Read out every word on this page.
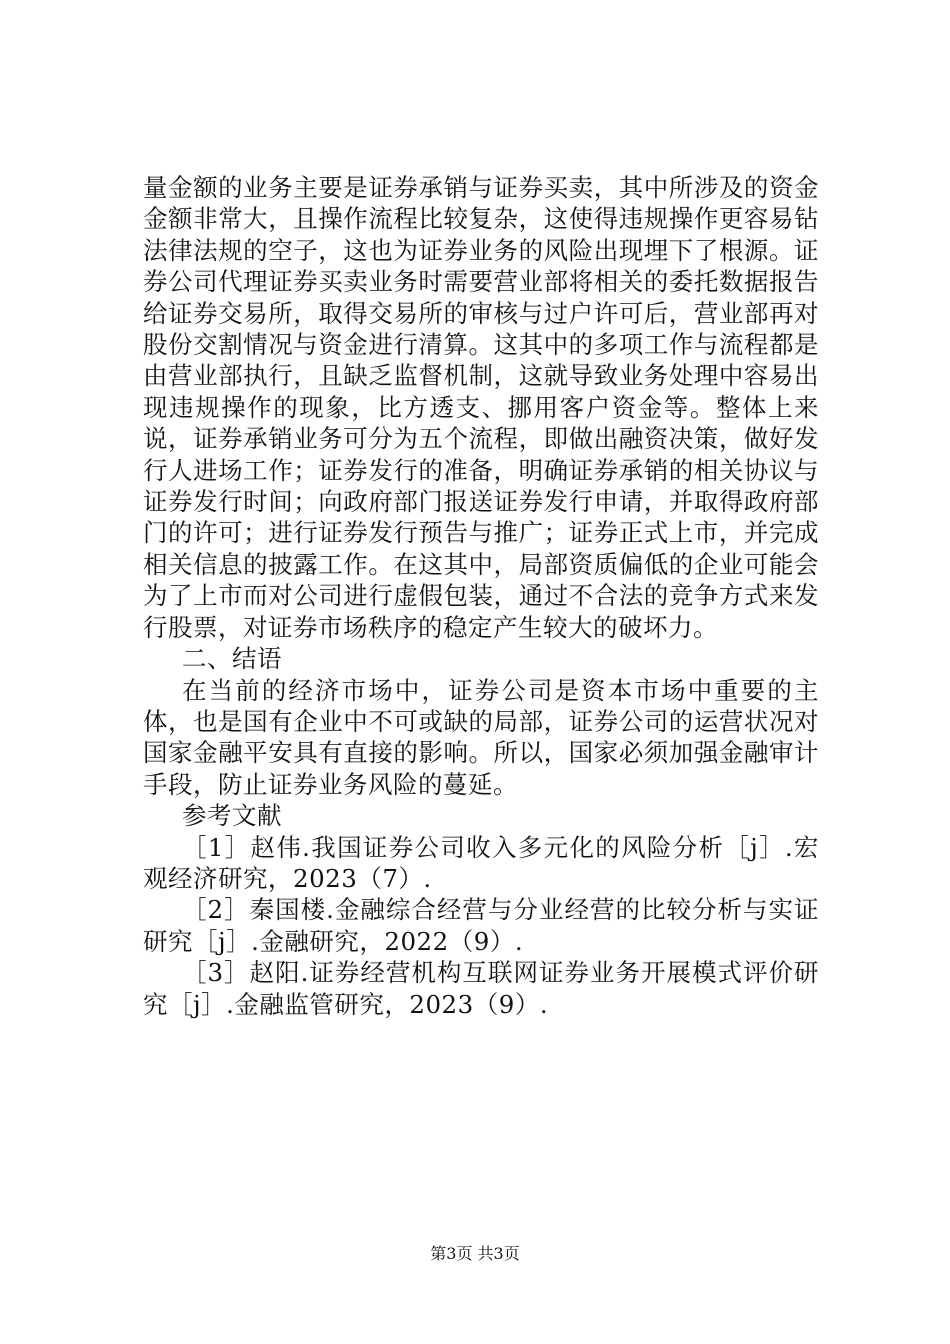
量金额的业务主要是证券承销与证券买卖，其中所涉及的资金金额非常大，且操作流程比较复杂，这使得违规操作更容易钻法律法规的空子，这也为证券业务的风险出现埋下了根源。证券公司代理证券买卖业务时需要营业部将相关的委托数据报告给证券交易所，取得交易所的审核与过户许可后，营业部再对股份交割情况与资金进行清算。这其中的多项工作与流程都是由营业部执行，且缺乏监督机制，这就导致业务处理中容易出现违规操作的现象，比方透支、挪用客户资金等。整体上来说，证券承销业务可分为五个流程，即做出融资决策，做好发行人进场工作；证券发行的准备，明确证券承销的相关协议与证券发行时间；向政府部门报送证券发行申请，并取得政府部门的许可；进行证券发行预告与推广；证券正式上市，并完成相关信息的披露工作。在这其中，局部资质偏低的企业可能会为了上市而对公司进行虚假包装，通过不合法的竞争方式来发行股票，对证券市场秩序的稳定产生较大的破坏力。

二、结语

在当前的经济市场中，证券公司是资本市场中重要的主体，也是国有企业中不可或缺的局部，证券公司的运营状况对国家金融平安具有直接的影响。所以，国家必须加强金融审计手段，防止证券业务风险的蔓延。

参考文献

［1］赵伟.我国证券公司收入多元化的风险分析［j］.宏观经济研究，2023（7）.

［2］秦国楼.金融综合经营与分业经营的比较分析与实证研究［j］.金融研究，2022（9）.

［3］赵阳.证券经营机构互联网证券业务开展模式评价研究［j］.金融监管研究，2023（9）.

第3页 共3页
